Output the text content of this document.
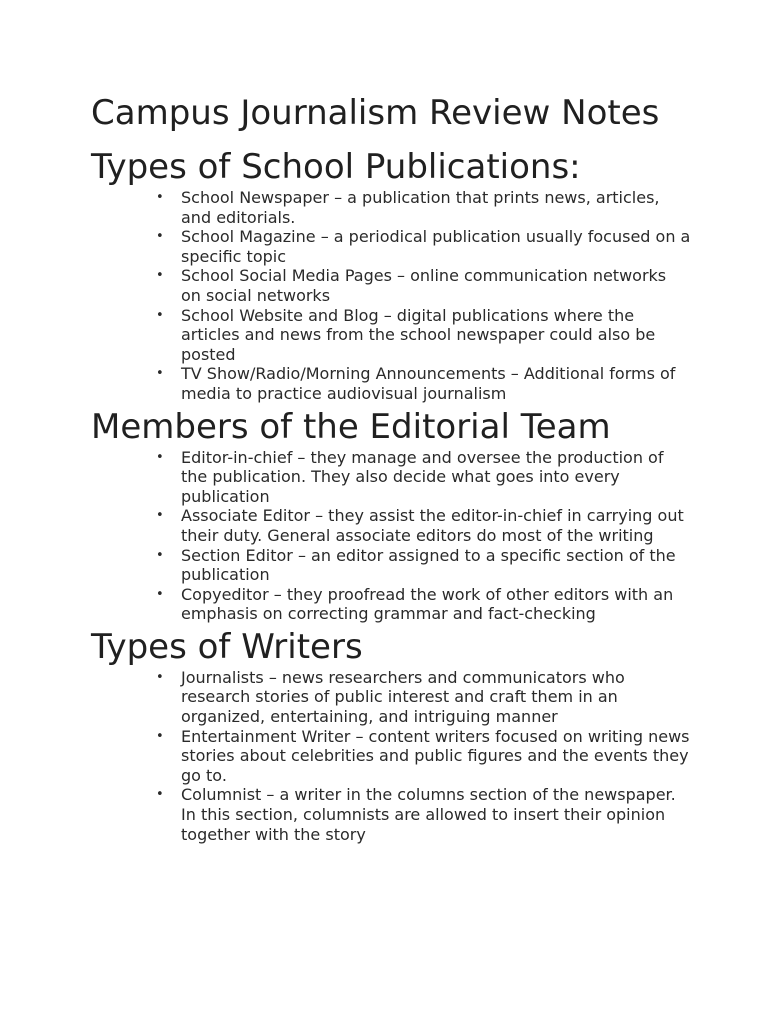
Campus Journalism Review Notes
Types of School Publications:
• School Newspaper – a publication that prints news, articles, and editorials.
• School Magazine – a periodical publication usually focused on a specific topic
• School Social Media Pages – online communication networks on social networks
• School Website and Blog – digital publications where the articles and news from the school newspaper could also be posted
• TV Show/Radio/Morning Announcements – Additional forms of media to practice audiovisual journalism
Members of the Editorial Team
• Editor-in-chief – they manage and oversee the production of the publication. They also decide what goes into every publication
• Associate Editor – they assist the editor-in-chief in carrying out their duty. General associate editors do most of the writing
• Section Editor – an editor assigned to a specific section of the publication
• Copyeditor – they proofread the work of other editors with an emphasis on correcting grammar and fact-checking
Types of Writers
• Journalists – news researchers and communicators who research stories of public interest and craft them in an organized, entertaining, and intriguing manner
• Entertainment Writer – content writers focused on writing news stories about celebrities and public figures and the events they go to.
• Columnist – a writer in the columns section of the newspaper. In this section, columnists are allowed to insert their opinion together with the story
